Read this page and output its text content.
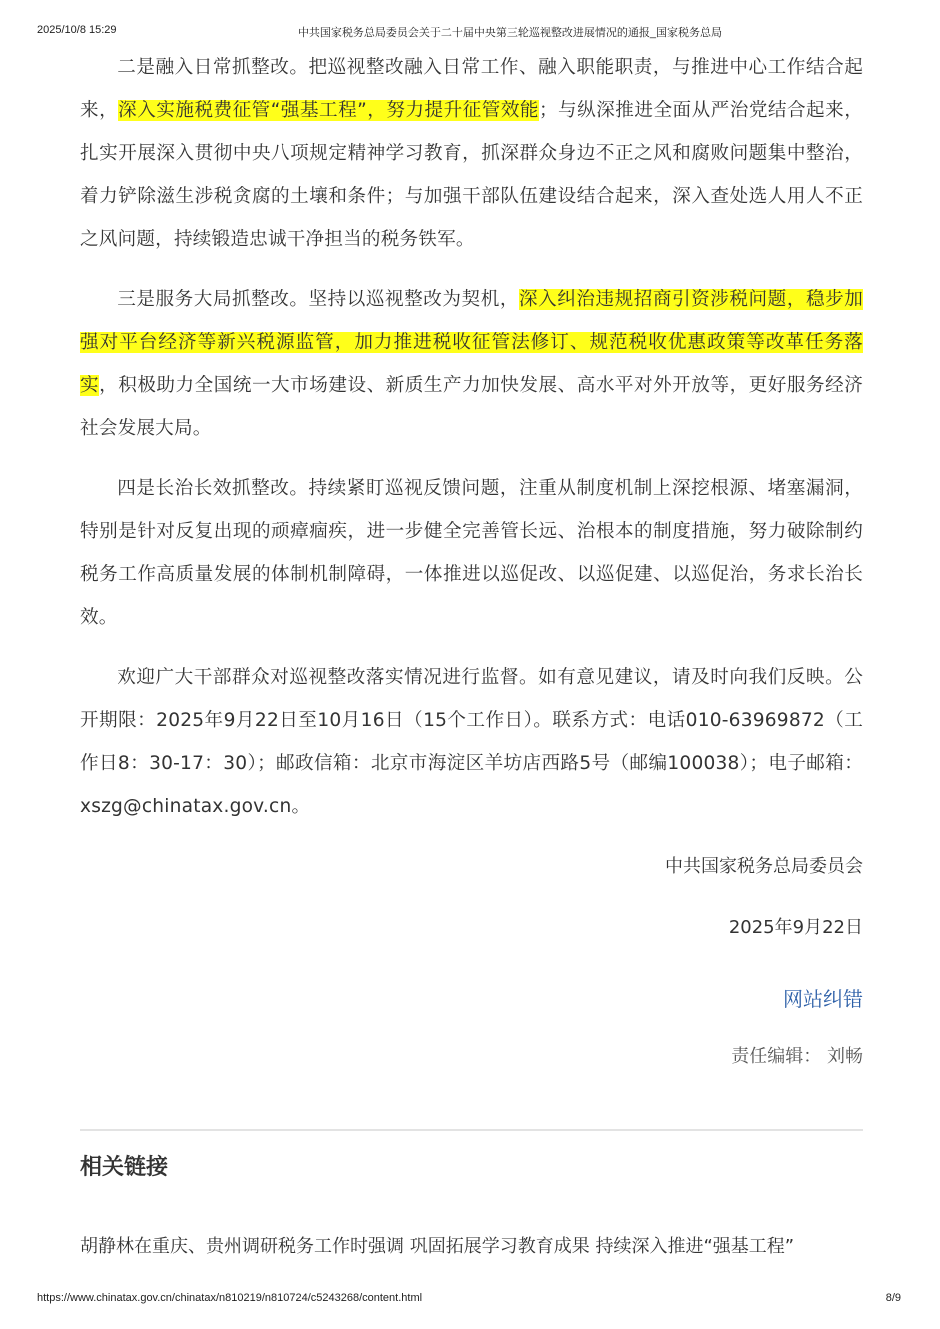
2025/10/8 15:29	中共国家税务总局委员会关于二十届中央第三轮巡视整改进展情况的通报_国家税务总局

二是融入日常抓整改。把巡视整改融入日常工作、融入职能职责，与推进中心工作结合起来，深入实施税费征管“强基工程”，努力提升征管效能；与纵深推进全面从严治党结合起来，扎实开展深入贯彻中央八项规定精神学习教育，抓深群众身边不正之风和腐败问题集中整治，着力铲除滋生涉税贪腐的土壤和条件；与加强干部队伍建设结合起来，深入查处选人用人不正之风问题，持续锻造忠诚干净担当的税务铁军。

三是服务大局抓整改。坚持以巡视整改为契机，深入纠治违规招商引资涉税问题，稳步加强对平台经济等新兴税源监管，加力推进税收征管法修订、规范税收优惠政策等改革任务落实，积极助力全国统一大市场建设、新质生产力加快发展、高水平对外开放等，更好服务经济社会发展大局。

四是长治长效抓整改。持续紧盯巡视反馈问题，注重从制度机制上深挖根源、堵塞漏洞，特别是针对反复出现的顽瘴痼疾，进一步健全完善管长远、治根本的制度措施，努力破除制约税务工作高质量发展的体制机制障碍，一体推进以巡促改、以巡促建、以巡促治，务求长治长效。

欢迎广大干部群众对巡视整改落实情况进行监督。如有意见建议，请及时向我们反映。公开期限：2025年9月22日至10月16日（15个工作日）。联系方式：电话010-63969872（工作日8：30-17：30）；邮政信箱：北京市海淀区羊坊店西路5号（邮编100038）；电子邮箱：xszg@chinatax.gov.cn。

中共国家税务总局委员会

2025年9月22日

网站纠错
责任编辑： 刘畅
相关链接
胡静林在重庆、贵州调研税务工作时强调 巩固拓展学习教育成果 持续深入推进“强基工程”
https://www.chinatax.gov.cn/chinatax/n810219/n810724/c5243268/content.html	8/9
